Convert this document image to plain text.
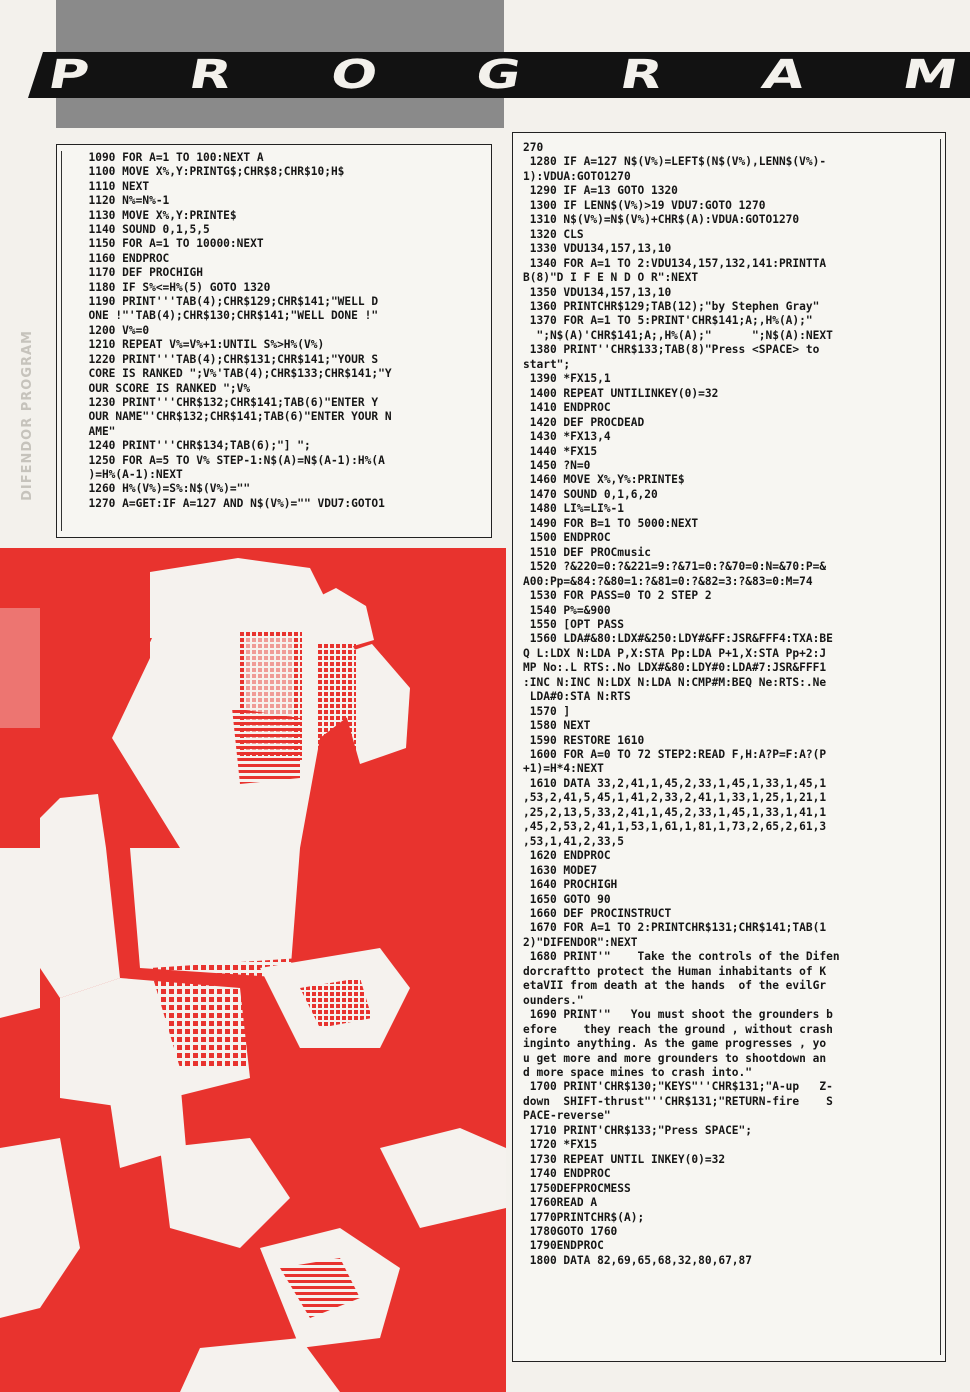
P R O G R A M
DIFENDOR PROGRAM
1090 FOR A=1 TO 100:NEXT A
1100 MOVE X%,Y:PRINTG$;CHR$8;CHR$10;H$
1110 NEXT
1120 N%=N%-1
1130 MOVE X%,Y:PRINTE$
1140 SOUND 0,1,5,5
1150 FOR A=1 TO 10000:NEXT
1160 ENDPROC
1170 DEF PROCHIGH
1180 IF S%<=H%(5) GOTO 1320
1190 PRINT'''TAB(4);CHR$129;CHR$141;"WELL D
ONE !"'TAB(4);CHR$130;CHR$141;"WELL DONE !"
1200 V%=0
1210 REPEAT V%=V%+1:UNTIL S%>H%(V%)
1220 PRINT'''TAB(4);CHR$131;CHR$141;"YOUR S
CORE IS RANKED ";V%'TAB(4);CHR$133;CHR$141;"Y
OUR SCORE IS RANKED ";V%
1230 PRINT'''CHR$132;CHR$141;TAB(6)"ENTER Y
OUR NAME"'CHR$132;CHR$141;TAB(6)"ENTER YOUR N
AME"
1240 PRINT'''CHR$134;TAB(6);"] ";
1250 FOR A=5 TO V% STEP-1:N$(A)=N$(A-1):H%(A
)=H%(A-1):NEXT
1260 H%(V%)=S%:N$(V%)=""
1270 A=GET:IF A=127 AND N$(V%)="" VDU7:GOTO1

270
1280 IF A=127 N$(V%)=LEFT$(N$(V%),LENN$(V%)-
1):VDUA:GOTO1270
1290 IF A=13 GOTO 1320
1300 IF LENN$(V%)>19 VDU7:GOTO 1270
1310 N$(V%)=N$(V%)+CHR$(A):VDUA:GOTO1270
1320 CLS
1330 VDU134,157,13,10
1340 FOR A=1 TO 2:VDU134,157,132,141:PRINTTA
B(8)"D I F E N D O R":NEXT
1350 VDU134,157,13,10
1360 PRINTCHR$129;TAB(12);"by Stephen Gray"
1370 FOR A=1 TO 5:PRINT'CHR$141;A;,H%(A);"
";N$(A)'CHR$141;A;,H%(A);"      ";N$(A):NEXT
1380 PRINT''CHR$133;TAB(8)"Press <SPACE> to
start";
1390 *FX15,1
1400 REPEAT UNTILINKEY(0)=32
1410 ENDPROC
1420 DEF PROCDEAD
1430 *FX13,4
1440 *FX15
1450 ?N=0
1460 MOVE X%,Y%:PRINTE$
1470 SOUND 0,1,6,20
1480 LI%=LI%-1
1490 FOR B=1 TO 5000:NEXT
1500 ENDPROC
1510 DEF PROCmusic
1520 ?&220=0:?&221=9:?&71=0:?&70=0:N=&70:P=&
A00:Pp=&84:?&80=1:?&81=0:?&82=3:?&83=0:M=74
1530 FOR PASS=0 TO 2 STEP 2
1540 P%=&900
1550 [OPT PASS
1560 LDA#&80:LDX#&250:LDY#&FF:JSR&FFF4:TXA:BE
Q L:LDX N:LDA P,X:STA Pp:LDA P+1,X:STA Pp+2:J
MP No:.L RTS:.No LDX#&80:LDY#0:LDA#7:JSR&FFF1
:INC N:INC N:LDX N:LDA N:CMP#M:BEQ Ne:RTS:.Ne
LDA#0:STA N:RTS
1570 ]
1580 NEXT
1590 RESTORE 1610
1600 FOR A=0 TO 72 STEP2:READ F,H:A?P=F:A?(P
+1)=H*4:NEXT
1610 DATA 33,2,41,1,45,2,33,1,45,1,33,1,45,1
,53,2,41,5,45,1,41,2,33,2,41,1,33,1,25,1,21,1
,25,2,13,5,33,2,41,1,45,2,33,1,45,1,33,1,41,1
,45,2,53,2,41,1,53,1,61,1,81,1,73,2,65,2,61,3
,53,1,41,2,33,5
1620 ENDPROC
1630 MODE7
1640 PROCHIGH
1650 GOTO 90
1660 DEF PROCINSTRUCT
1670 FOR A=1 TO 2:PRINTCHR$131;CHR$141;TAB(1
2)"DIFENDOR":NEXT
1680 PRINT'"    Take the controls of the Difen
dorcraftto protect the Human inhabitants of K
etaVII from death at the hands  of the evilGr
ounders."
1690 PRINT'"   You must shoot the grounders b
efore    they reach the ground , without crash
inginto anything. As the game progresses , yo
u get more and more grounders to shootdown an
d more space mines to crash into."
1700 PRINT'CHR$130;"KEYS"''CHR$131;"A-up   Z-
down  SHIFT-thrust"''CHR$131;"RETURN-fire    S
PACE-reverse"
1710 PRINT'CHR$133;"Press SPACE";
1720 *FX15
1730 REPEAT UNTIL INKEY(0)=32
1740 ENDPROC
1750DEFPROCMESS
1760READ A
1770PRINTCHR$(A);
1780GOTO 1760
1790ENDPROC
1800 DATA 82,69,65,68,32,80,67,87
